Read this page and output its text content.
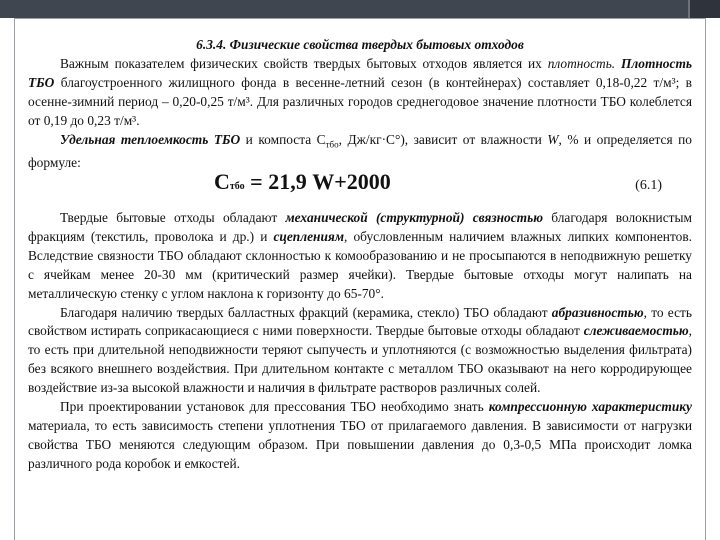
6.3.4. Физические свойства твердых бытовых отходов

Важным показателем физических свойств твердых бытовых отходов является их плотность. Плотность ТБО благоустроенного жилищного фонда в весенне-летний сезон (в контейнерах) составляет 0,18-0,22 т/м³; в осенне-зимний период – 0,20-0,25 т/м³. Для различных городов среднегодовое значение плотности ТБО колеблется от 0,19 до 0,23 т/м³.

Удельная теплоемкость ТБО и компоста $С_{тбо}$, Дж/кг·С°), зависит от влажности W, % и определяется по формуле:

Стбо = 21,9 W+2000	(6.1)

Твердые бытовые отходы обладают механической (структурной) связностью благодаря волокнистым фракциям (текстиль, проволока и др.) и сцеплениям, обусловленным наличием влажных липких компонентов. Вследствие связности ТБО обладают склонностью к комообразованию и не просыпаются в неподвижную решетку с ячейкам менее 20-30 мм (критический размер ячейки). Твердые бытовые отходы могут налипать на металлическую стенку с углом наклона к горизонту до 65-70°.

Благодаря наличию твердых балластных фракций (керамика, стекло) ТБО обладают абразивностью, то есть свойством истирать соприкасающиеся с ними поверхности. Твердые бытовые отходы обладают слеживаемостью, то есть при длительной неподвижности теряют сыпучесть и уплотняются (с возможностью выделения фильтрата) без всякого внешнего воздействия. При длительном контакте с металлом ТБО оказывают на него корродирующее воздействие из-за высокой влажности и наличия в фильтрате растворов различных солей.

При проектировании установок для прессования ТБО необходимо знать компрессионную характеристику материала, то есть зависимость степени уплотнения ТБО от прилагаемого давления. В зависимости от нагрузки свойства ТБО меняются следующим образом. При повышении давления до 0,3-0,5 МПа происходит ломка различного рода коробок и емкостей.
